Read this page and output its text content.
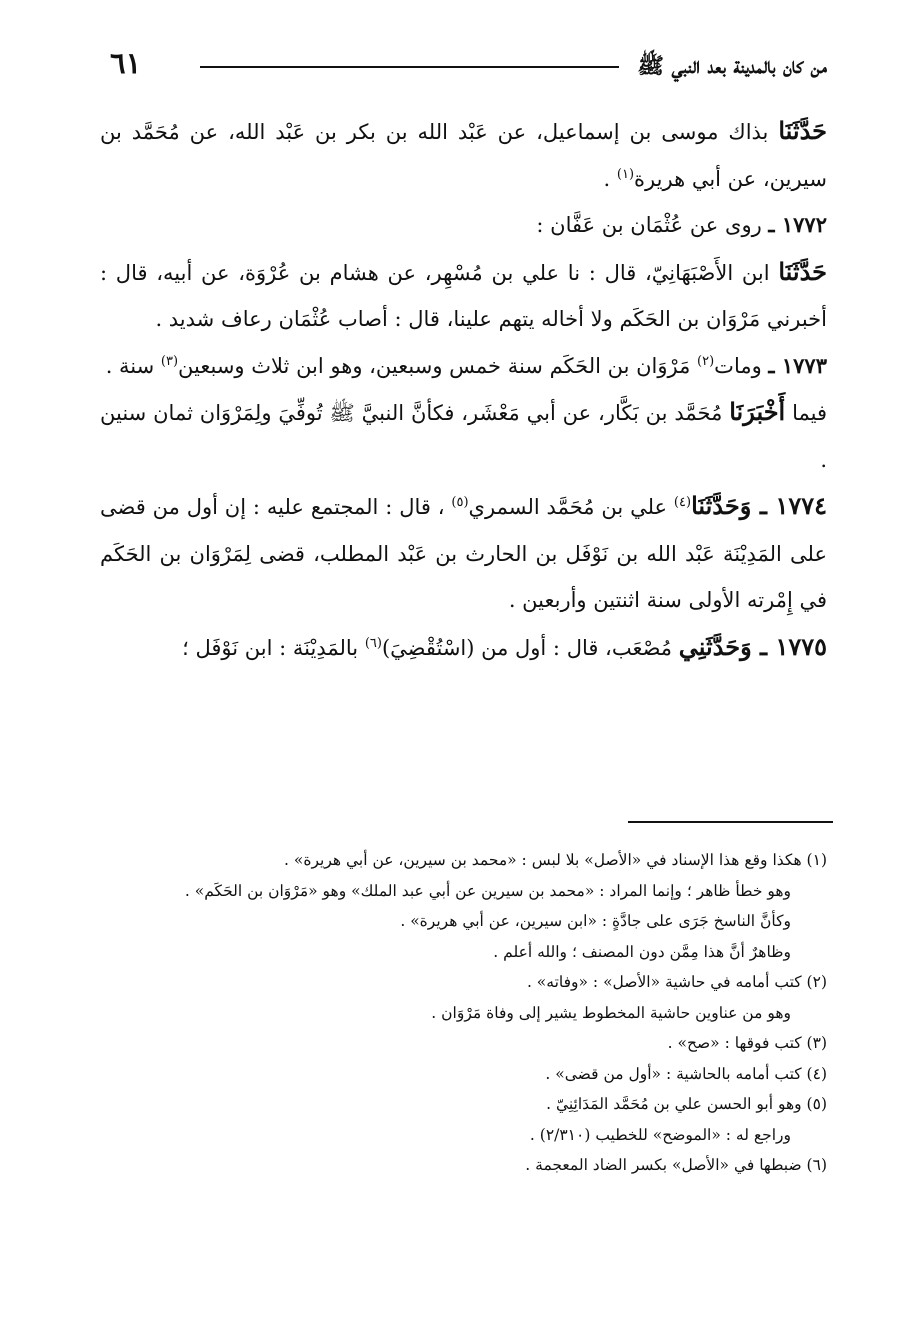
٦١	من كان بالمدينة بعد النبي ﷺ

حَدَّثَنَا بذاك موسى بن إسماعيل، عن عَبْد الله بن بكر بن عَبْد الله، عن مُحَمَّد بن سيرين، عن أبي هريرة$^{(١)}$ .

١٧٧٢ ـ روى عن عُثْمَان بن عَفَّان :

حَدَّثَنَا ابن الأَصْبَهَانِيّ، قال : نا علي بن مُسْهِر، عن هشام بن عُرْوَة، عن أبيه، قال : أخبرني مَرْوَان بن الحَكَم ولا أخاله يتهم علينا، قال : أصاب عُثْمَان رعاف شديد .

١٧٧٣ ـ ومات$^{(٢)}$ مَرْوَان بن الحَكَم سنة خمس وسبعين، وهو ابن ثلاث وسبعين$^{(٣)}$ سنة .

فيما أَخْبَرَنَا مُحَمَّد بن بَكَّار، عن أبي مَعْشَر، فكأنَّ النبيَّ ﷺ تُوفِّيَ ولِمَرْوَان ثمان سنين .

١٧٧٤ ـ وَحَدَّثَنَا$^{(٤)}$ علي بن مُحَمَّد السمري$^{(٥)}$ ، قال : المجتمع عليه : إن أول من قضى على المَدِيْنَة عَبْد الله بن نَوْفَل بن الحارث بن عَبْد المطلب، قضى لِمَرْوَان بن الحَكَم في إِمْرته الأولى سنة اثنتين وأربعين .

١٧٧٥ ـ وَحَدَّثَنِي مُصْعَب، قال : أول من (اسْتُقْضِيَ)$^{(٦)}$ بالمَدِيْنَة : ابن نَوْفَل ؛

(١) هكذا وقع هذا الإسناد في «الأصل» بلا لبس : «محمد بن سيرين، عن أبي هريرة» .

وهو خطأ ظاهر ؛ وإنما المراد : «محمد بن سيرين عن أبي عبد الملك» وهو «مَرْوَان بن الحَكَم» .

وكأنَّ الناسخ جَرَى على جادَّةٍ : «ابن سيرين، عن أبي هريرة» .

وظاهرٌ أنَّ هذا مِمَّن دون المصنف ؛ والله أعلم .

(٢) كتب أمامه في حاشية «الأصل» : «وفاته» .

وهو من عناوين حاشية المخطوط يشير إلى وفاة مَرْوَان .

(٣) كتب فوقها : «صح» .

(٤) كتب أمامه بالحاشية : «أول من قضى» .

(٥) وهو أبو الحسن علي بن مُحَمَّد المَدَائِنِيّ .

وراجع له : «الموضح» للخطيب (٢/٣١٠) .

(٦) ضبطها في «الأصل» بكسر الضاد المعجمة .
